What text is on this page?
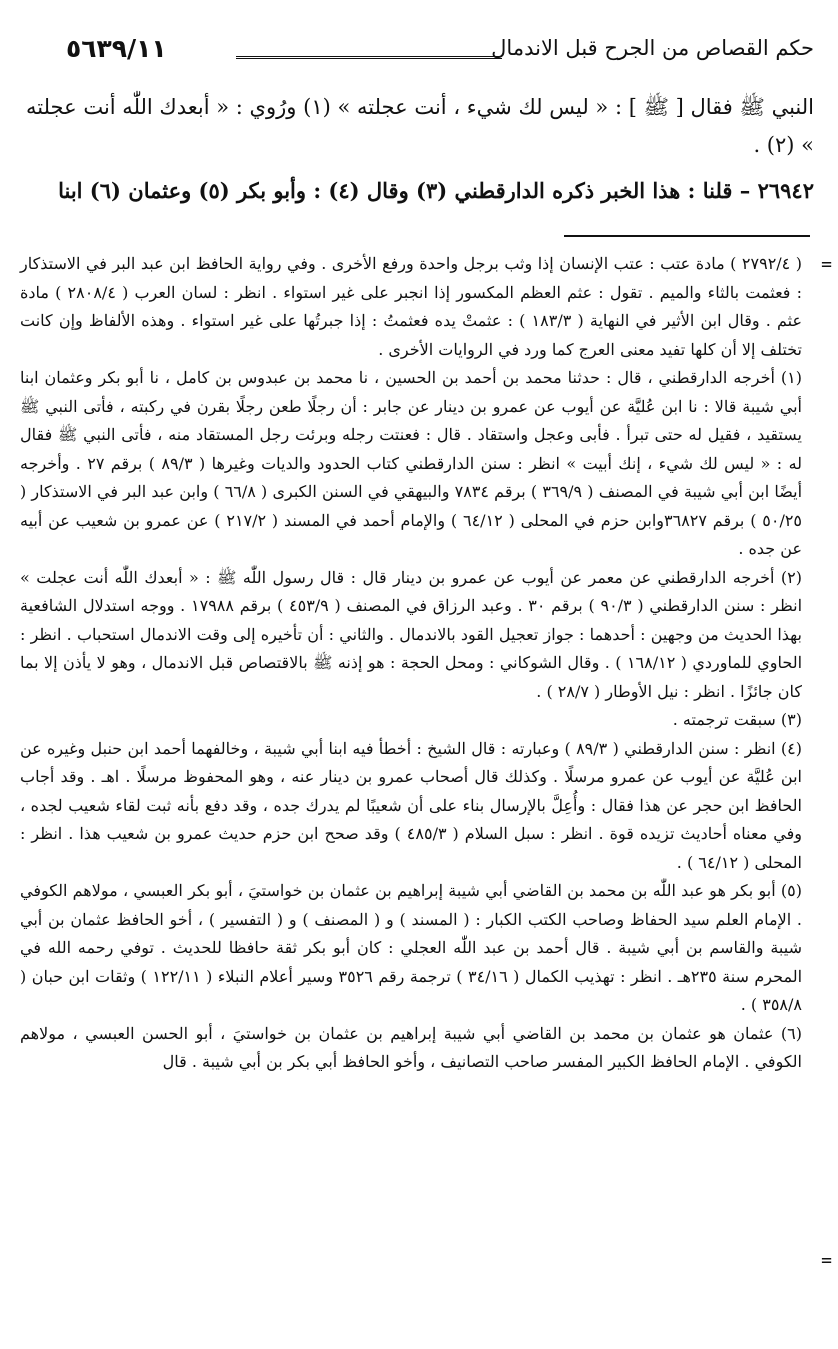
٥٦٣٩/١١	حكم القصاص من الجرح قبل الاندمال

النبي ﷺ فقال [ ﷺ ] : « ليس لك شيء ، أنت عجلته » (١) ورُوي : « أبعدك اللّٰه أنت عجلته » (٢) .

٢٦٩٤٢ – قلنا : هذا الخبر ذكره الدارقطني (٣) وقال (٤) : وأبو بكر (٥) وعثمان (٦) ابنا

=
=

( ٢٧٩٢/٤ ) مادة عتب : عتب الإنسان إذا وثب برجل واحدة ورفع الأخرى . وفي رواية الحافظ ابن عبد البر في الاستذكار : فعثمت بالثاء والميم . تقول : عثم العظم المكسور إذا انجبر على غير استواء . انظر : لسان العرب ( ٢٨٠٨/٤ ) مادة عثم . وقال ابن الأثير في النهاية ( ١٨٣/٣ ) : عثمتْ يده فعثمتُ : إذا جبرتُها على غير استواء . وهذه الألفاظ وإن كانت تختلف إلا أن كلها تفيد معنى العرج كما ورد في الروايات الأخرى .

(١) أخرجه الدارقطني ، قال : حدثنا محمد بن أحمد بن الحسين ، نا محمد بن عبدوس بن كامل ، نا أبو بكر وعثمان ابنا أبي شيبة قالا : نا ابن عُليَّة عن أيوب عن عمرو بن دينار عن جابر : أن رجلًا طعن رجلًا بقرن في ركبته ، فأتى النبي ﷺ يستقيد ، فقيل له حتى تبرأ . فأبى وعجل واستقاد . قال : فعنتت رجله وبرئت رجل المستقاد منه ، فأتى النبي ﷺ فقال له : « ليس لك شيء ، إنك أبيت » انظر : سنن الدارقطني كتاب الحدود والديات وغيرها ( ٨٩/٣ ) برقم ٢٧ . وأخرجه أيضًا ابن أبي شيبة في المصنف ( ٣٦٩/٩ ) برقم ٧٨٣٤ والبيهقي في السنن الكبرى ( ٦٦/٨ ) وابن عبد البر في الاستذكار ( ٥٠/٢٥ ) برقم ٣٦٨٢٧وابن حزم في المحلى ( ٦٤/١٢ ) والإمام أحمد في المسند ( ٢١٧/٢ ) عن عمرو بن شعيب عن أبيه عن جده .

(٢) أخرجه الدارقطني عن معمر عن أيوب عن عمرو بن دينار قال : قال رسول اللّٰه ﷺ : « أبعدك اللّٰه أنت عجلت » انظر : سنن الدارقطني ( ٩٠/٣ ) برقم ٣٠ . وعبد الرزاق في المصنف ( ٤٥٣/٩ ) برقم ١٧٩٨٨ . ووجه استدلال الشافعية بهذا الحديث من وجهين : أحدهما : جواز تعجيل القود بالاندمال . والثاني : أن تأخيره إلى وقت الاندمال استحباب . انظر : الحاوي للماوردي ( ١٦٨/١٢ ) . وقال الشوكاني : ومحل الحجة : هو إذنه ﷺ بالاقتصاص قبل الاندمال ، وهو لا يأذن إلا بما كان جائزًا . انظر : نيل الأوطار ( ٢٨/٧ ) .

(٣) سبقت ترجمته .

(٤) انظر : سنن الدارقطني ( ٨٩/٣ ) وعبارته : قال الشيخ : أخطأ فيه ابنا أبي شيبة ، وخالفهما أحمد ابن حنبل وغيره عن ابن عُليَّة عن أيوب عن عمرو مرسلًا . وكذلك قال أصحاب عمرو بن دينار عنه ، وهو المحفوظ مرسلًا . اهـ . وقد أجاب الحافظ ابن حجر عن هذا فقال : وأُعِلَّ بالإرسال بناء على أن شعيبًا لم يدرك جده ، وقد دفع بأنه ثبت لقاء شعيب لجده ، وفي معناه أحاديث تزيده قوة . انظر : سبل السلام ( ٤٨٥/٣ ) وقد صحح ابن حزم حديث عمرو بن شعيب هذا . انظر : المحلى ( ٦٤/١٢ ) .

(٥) أبو بكر هو عبد اللّٰه بن محمد بن القاضي أبي شيبة إبراهيم بن عثمان بن خواستيَ ، أبو بكر العبسي ، مولاهم الكوفي . الإمام العلم سيد الحفاظ وصاحب الكتب الكبار : ( المسند ) و ( المصنف ) و ( التفسير ) ، أخو الحافظ عثمان بن أبي شيبة والقاسم بن أبي شيبة . قال أحمد بن عبد اللّٰه العجلي : كان أبو بكر ثقة حافظا للحديث . توفي رحمه الله في المحرم سنة ٢٣٥هـ . انظر : تهذيب الكمال ( ٣٤/١٦ ) ترجمة رقم ٣٥٢٦ وسير أعلام النبلاء ( ١٢٢/١١ ) وثقات ابن حبان ( ٣٥٨/٨ ) .

(٦) عثمان هو عثمان بن محمد بن القاضي أبي شيبة إبراهيم بن عثمان بن خواستيَ ، أبو الحسن العبسي ، مولاهم الكوفي . الإمام الحافظ الكبير المفسر صاحب التصانيف ، وأخو الحافظ أبي بكر بن أبي شيبة . قال
